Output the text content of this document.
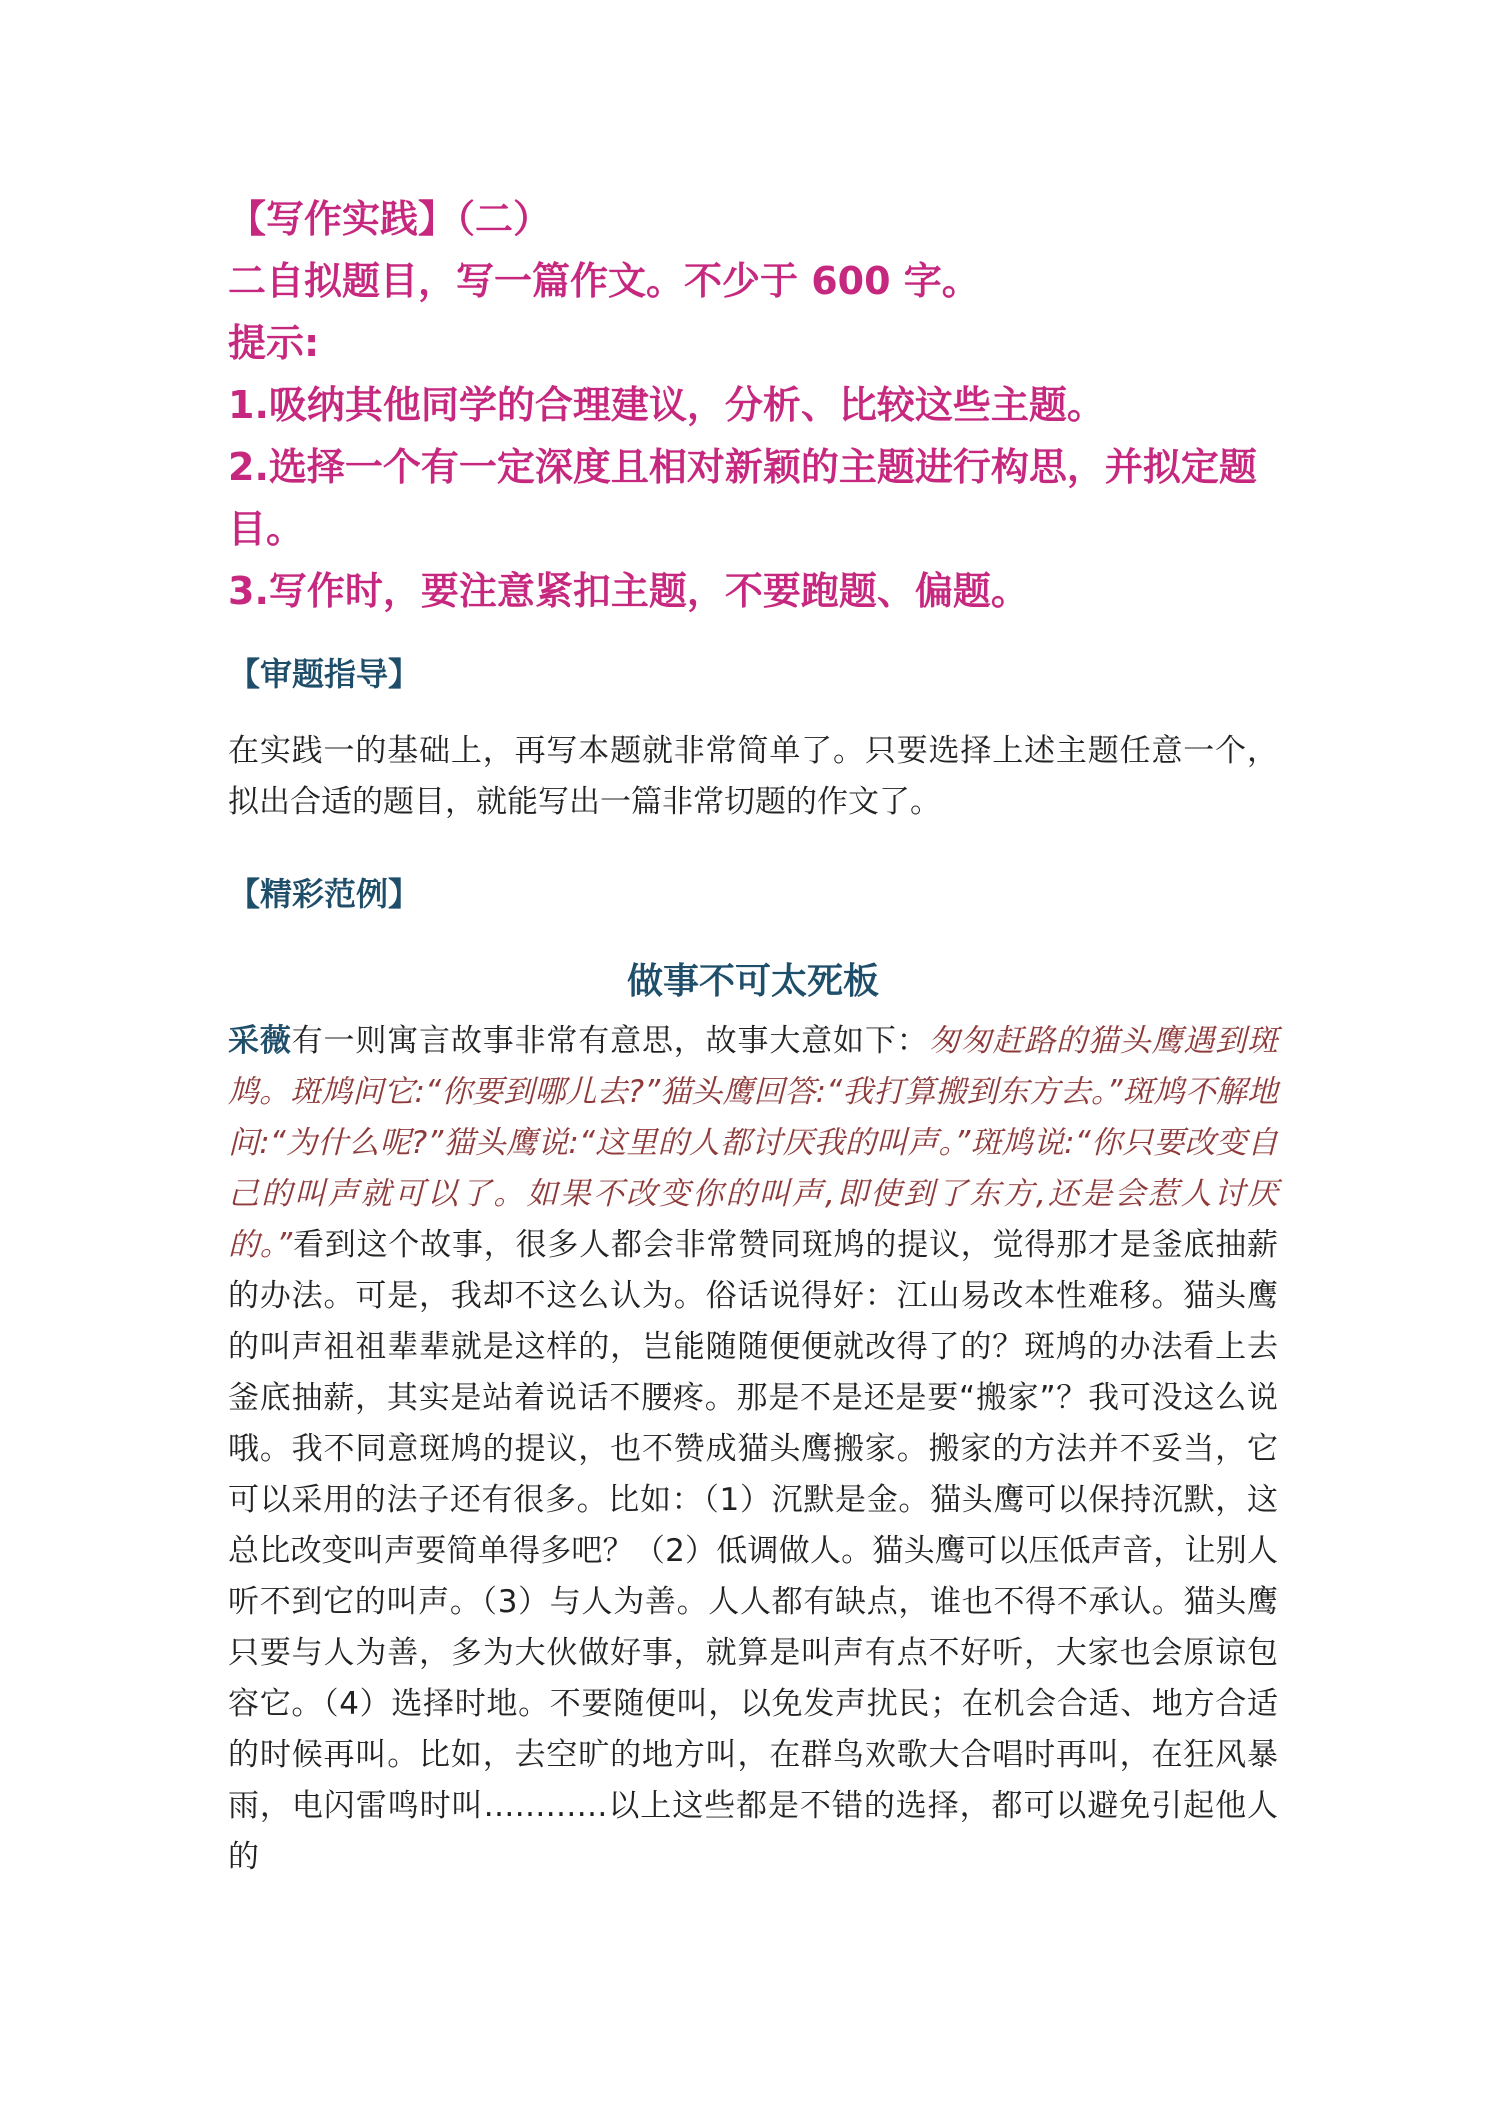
【写作实践】（二）

二自拟题目，写一篇作文。不少于 600 字。

提示:

1.吸纳其他同学的合理建议，分析、比较这些主题。

2.选择一个有一定深度且相对新颖的主题进行构思，并拟定题目。

3.写作时，要注意紧扣主题，不要跑题、偏题。

【审题指导】

在实践一的基础上，再写本题就非常简单了。只要选择上述主题任意一个，拟出合适的题目，就能写出一篇非常切题的作文了。

【精彩范例】

做事不可太死板

采薇有一则寓言故事非常有意思，故事大意如下：匆匆赶路的猫头鹰遇到斑鸠。斑鸠问它:“你要到哪儿去?”猫头鹰回答:“我打算搬到东方去。”斑鸠不解地问:“为什么呢?”猫头鹰说:“这里的人都讨厌我的叫声。”斑鸠说:“你只要改变自己的叫声就可以了。如果不改变你的叫声,即使到了东方,还是会惹人讨厌的。”看到这个故事，很多人都会非常赞同斑鸠的提议，觉得那才是釜底抽薪的办法。可是，我却不这么认为。俗话说得好：江山易改本性难移。猫头鹰的叫声祖祖辈辈就是这样的，岂能随随便便就改得了的？斑鸠的办法看上去釜底抽薪，其实是站着说话不腰疼。那是不是还是要“搬家”？我可没这么说哦。我不同意斑鸠的提议，也不赞成猫头鹰搬家。搬家的方法并不妥当，它可以采用的法子还有很多。比如：（1）沉默是金。猫头鹰可以保持沉默，这总比改变叫声要简单得多吧？（2）低调做人。猫头鹰可以压低声音，让别人听不到它的叫声。（3）与人为善。人人都有缺点，谁也不得不承认。猫头鹰只要与人为善，多为大伙做好事，就算是叫声有点不好听，大家也会原谅包容它。（4）选择时地。不要随便叫，以免发声扰民；在机会合适、地方合适的时候再叫。比如，去空旷的地方叫，在群鸟欢歌大合唱时再叫，在狂风暴雨，电闪雷鸣时叫…………以上这些都是不错的选择，都可以避免引起他人的
